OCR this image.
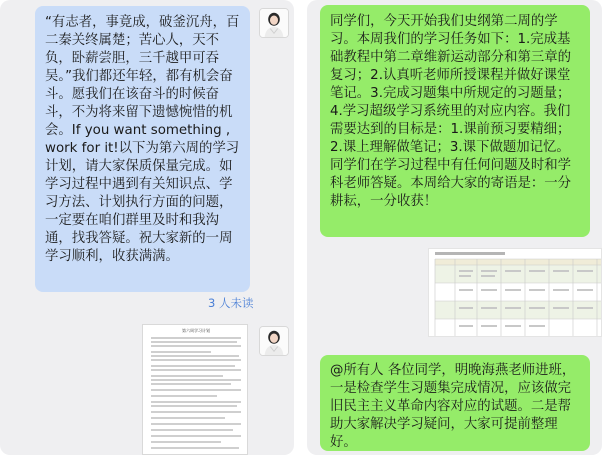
“有志者，事竟成，破釜沉舟，百二秦关终属楚；苦心人，天不负，卧薪尝胆，三千越甲可吞吴。”我们都还年轻，都有机会奋斗。愿我们在该奋斗的时候奋斗，不为将来留下遗憾惋惜的机会。If you want something ,work for it!以下为第六周的学习计划，请大家保质保量完成。如学习过程中遇到有关知识点、学习方法、计划执行方面的问题，一定要在咱们群里及时和我沟通，找我答疑。祝大家新的一周学习顺利，收获满满。
3 人未读
第六周学习计划
同学们，今天开始我们史纲第二周的学习。本周我们的学习任务如下：1.完成基础教程中第二章维新运动部分和第三章的复习；2.认真听老师所授课程并做好课堂笔记。3.完成习题集中所规定的习题量；4.学习超级学习系统里的对应内容。我们需要达到的目标是：1.课前预习要精细；2.课上理解做笔记；3.课下做题加记忆。同学们在学习过程中有任何问题及时和学科老师答疑。本周给大家的寄语是：一分耕耘，一分收获！
@所有人 各位同学，明晚海燕老师进班，一是检查学生习题集完成情况，应该做完旧民主主义革命内容对应的试题。二是帮助大家解决学习疑问，大家可提前整理好。
